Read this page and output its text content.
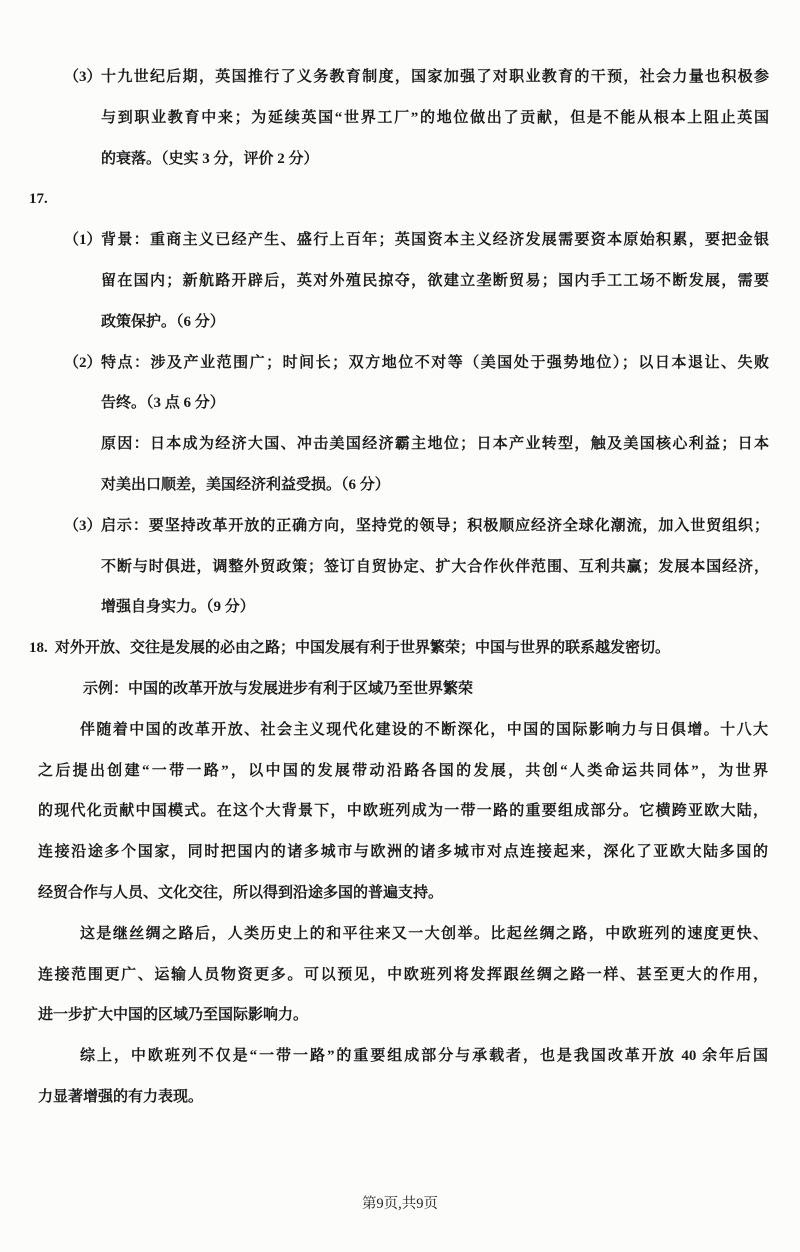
（3） 十九世纪后期，英国推行了义务教育制度，国家加强了对职业教育的干预，社会力量也积极参
与到职业教育中来；为延续英国“世界工厂”的地位做出了贡献，但是不能从根本上阻止英国
的衰落。（史实 3 分，评价 2 分）
17.
（1） 背景：重商主义已经产生、盛行上百年；英国资本主义经济发展需要资本原始积累，要把金银
留在国内；新航路开辟后，英对外殖民掠夺，欲建立垄断贸易；国内手工工场不断发展，需要
政策保护。（6 分）
（2） 特点：涉及产业范围广；时间长；双方地位不对等（美国处于强势地位）；以日本退让、失败
告终。（3 点 6 分）
原因：日本成为经济大国、冲击美国经济霸主地位；日本产业转型，触及美国核心利益；日本
对美出口顺差，美国经济利益受损。（6 分）
（3） 启示：要坚持改革开放的正确方向，坚持党的领导；积极顺应经济全球化潮流，加入世贸组织；
不断与时俱进，调整外贸政策；签订自贸协定、扩大合作伙伴范围、互利共赢；发展本国经济，
增强自身实力。（9 分）
18. 对外开放、交往是发展的必由之路；中国发展有利于世界繁荣；中国与世界的联系越发密切。
示例：中国的改革开放与发展进步有利于区域乃至世界繁荣
伴随着中国的改革开放、社会主义现代化建设的不断深化，中国的国际影响力与日俱增。十八大
之后提出创建“一带一路”，以中国的发展带动沿路各国的发展，共创“人类命运共同体”，为世界
的现代化贡献中国模式。在这个大背景下，中欧班列成为一带一路的重要组成部分。它横跨亚欧大陆，
连接沿途多个国家，同时把国内的诸多城市与欧洲的诸多城市对点连接起来，深化了亚欧大陆多国的
经贸合作与人员、文化交往，所以得到沿途多国的普遍支持。
这是继丝绸之路后，人类历史上的和平往来又一大创举。比起丝绸之路，中欧班列的速度更快、
连接范围更广、运输人员物资更多。可以预见，中欧班列将发挥跟丝绸之路一样、甚至更大的作用，
进一步扩大中国的区域乃至国际影响力。
综上，中欧班列不仅是“一带一路”的重要组成部分与承载者，也是我国改革开放 40 余年后国
力显著增强的有力表现。
第9页,共9页
